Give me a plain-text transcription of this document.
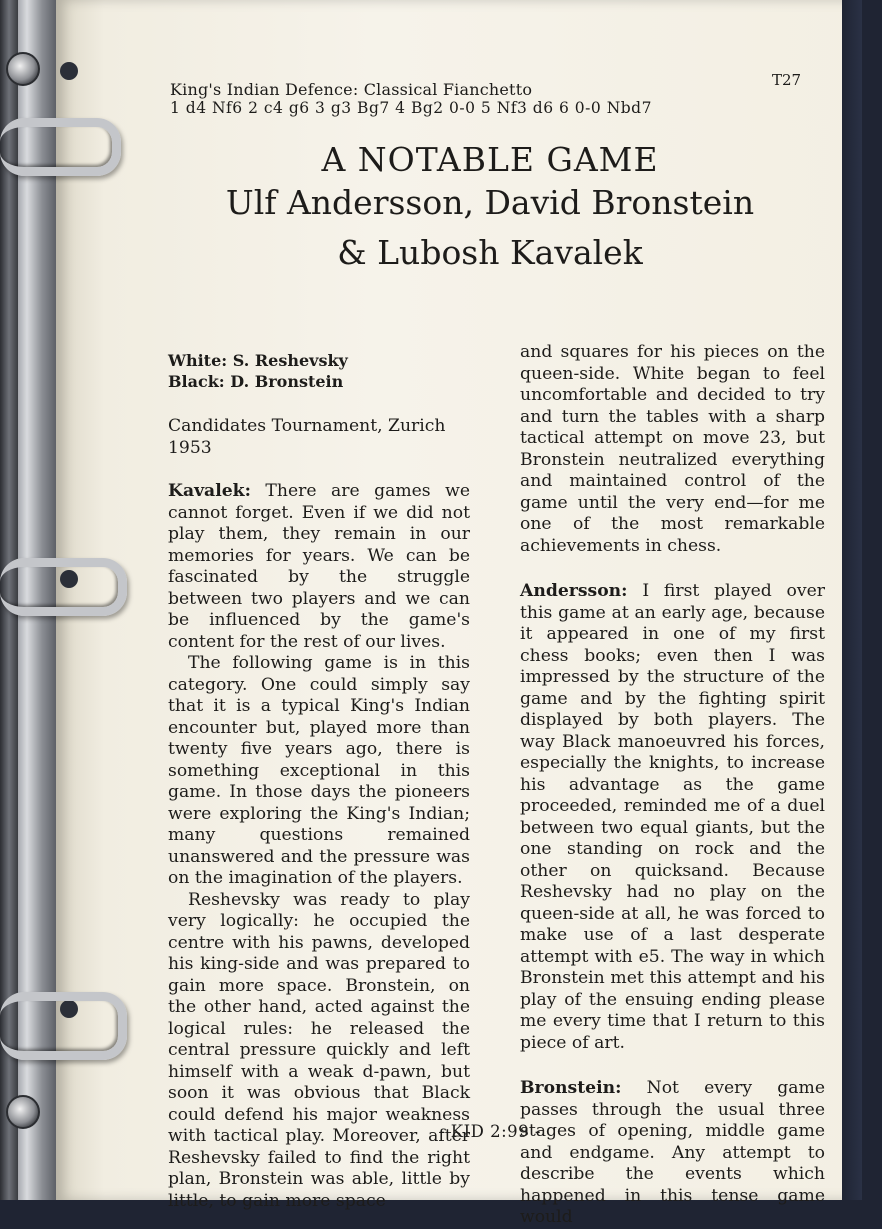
King's Indian Defence: Classical Fianchetto
1 d4 Nf6 2 c4 g6 3 g3 Bg7 4 Bg2 0-0 5 Nf3 d6 6 0-0 Nbd7
T27
A NOTABLE GAME
Ulf Andersson, David Bronstein
& Lubosh Kavalek
White: S. Reshevsky
Black: D. Bronstein
Candidates Tournament, Zurich 1953

Kavalek: There are games we cannot forget. Even if we did not play them, they remain in our memories for years. We can be fascinated by the struggle between two players and we can be influenced by the game's content for the rest of our lives.

The following game is in this category. One could simply say that it is a typical King's Indian encounter but, played more than twenty five years ago, there is something exceptional in this game. In those days the pioneers were exploring the King's Indian; many questions remained unanswered and the pressure was on the imagination of the players.

Reshevsky was ready to play very logically: he occupied the centre with his pawns, developed his king-side and was prepared to gain more space. Bronstein, on the other hand, acted against the logical rules: he released the central pressure quickly and left himself with a weak d-pawn, but soon it was obvious that Black could defend his major weakness with tactical play. Moreover, after Reshevsky failed to find the right plan, Bronstein was able, little by little, to gain more space

and squares for his pieces on the queen-side. White began to feel uncomfortable and decided to try and turn the tables with a sharp tactical attempt on move 23, but Bronstein neutralized everything and maintained control of the game until the very end—for me one of the most remarkable achievements in chess.

Andersson: I first played over this game at an early age, because it appeared in one of my first chess books; even then I was impressed by the structure of the game and by the fighting spirit displayed by both players. The way Black manoeuvred his forces, especially the knights, to increase his advantage as the game proceeded, reminded me of a duel between two equal giants, but the one standing on rock and the other on quicksand. Because Reshevsky had no play on the queen-side at all, he was forced to make use of a last desperate attempt with e5. The way in which Bronstein met this attempt and his play of the ensuing ending please me every time that I return to this piece of art.

Bronstein: Not every game passes through the usual three stages of opening, middle game and endgame. Any attempt to describe the events which happened in this tense game would

- KID 2:99 -
